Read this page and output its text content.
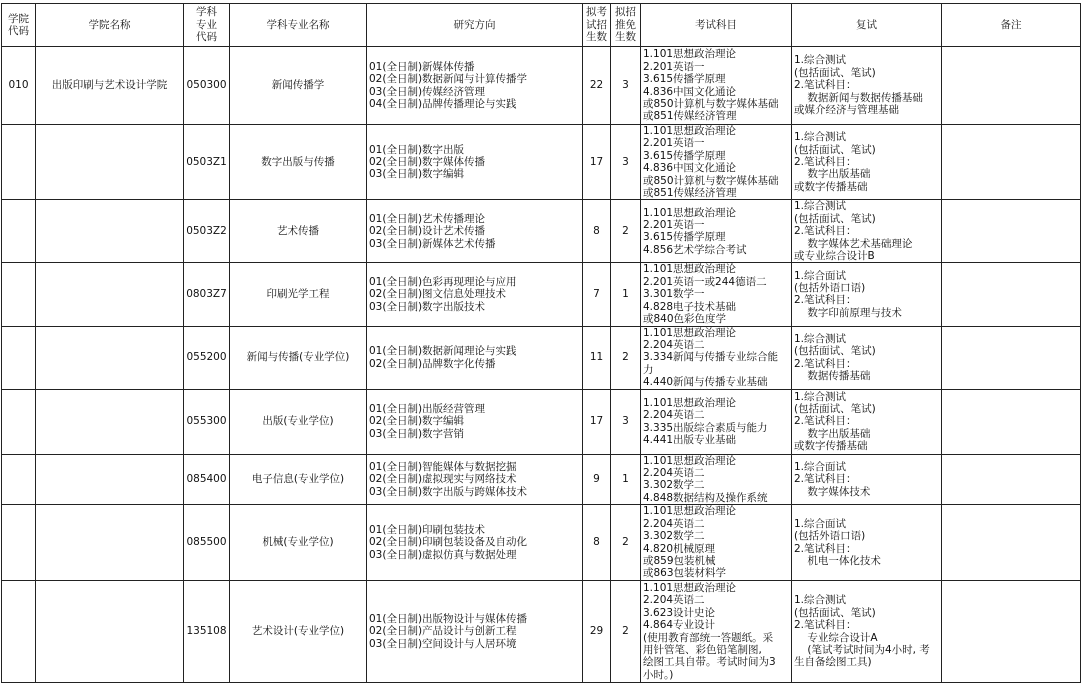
学院
代码	学院名称	学科
专业
代码	学科专业名称	研究方向	拟考
试招
生数	拟招
推免
生数	考试科目	复试	备注
010	出版印刷与艺术设计学院	050300	新闻传播学	01(全日制)新媒体传播
02(全日制)数据新闻与计算传播学
03(全日制)传媒经济管理
04(全日制)品牌传播理论与实践	22	3	1.101思想政治理论
2.201英语一
3.615传播学原理
4.836中国文化通论
或850计算机与数字媒体基础
或851传媒经济管理	1.综合测试
(包括面试、笔试)
2.笔试科目：
数据新闻与数据传播基础
或媒介经济与管理基础	
		0503Z1	数字出版与传播	01(全日制)数字出版
02(全日制)数字媒体传播
03(全日制)数字编辑	17	3	1.101思想政治理论
2.201英语一
3.615传播学原理
4.836中国文化通论
或850计算机与数字媒体基础
或851传媒经济管理	1.综合测试
(包括面试、笔试)
2.笔试科目：
数字出版基础
或数字传播基础	
		0503Z2	艺术传播	01(全日制)艺术传播理论
02(全日制)设计艺术传播
03(全日制)新媒体艺术传播	8	2	1.101思想政治理论
2.201英语一
3.615传播学原理
4.856艺术学综合考试	1.综合测试
(包括面试、笔试)
2.笔试科目：
数字媒体艺术基础理论
或专业综合设计B	
		0803Z7	印刷光学工程	01(全日制)色彩再现理论与应用
02(全日制)图文信息处理技术
03(全日制)数字出版技术	7	1	1.101思想政治理论
2.201英语一或244德语二
3.301数学一
4.828电子技术基础
或840色彩色度学	1.综合面试
(包括外语口语)
2.笔试科目：
数字印前原理与技术	
		055200	新闻与传播(专业学位)	01(全日制)数据新闻理论与实践
02(全日制)品牌数字化传播	11	2	1.101思想政治理论
2.204英语二
3.334新闻与传播专业综合能
力
4.440新闻与传播专业基础	1.综合测试
(包括面试、笔试)
2.笔试科目：
数据传播基础	
		055300	出版(专业学位)	01(全日制)出版经营管理
02(全日制)数字编辑
03(全日制)数字营销	17	3	1.101思想政治理论
2.204英语二
3.335出版综合素质与能力
4.441出版专业基础	1.综合测试
(包括面试、笔试)
2.笔试科目：
数字出版基础
或数字传播基础	
		085400	电子信息(专业学位)	01(全日制)智能媒体与数据挖掘
02(全日制)虚拟现实与网络技术
03(全日制)数字出版与跨媒体技术	9	1	1.101思想政治理论
2.204英语二
3.302数学二
4.848数据结构及操作系统	1.综合面试
2.笔试科目：
数字媒体技术	
		085500	机械(专业学位)	01(全日制)印刷包装技术
02(全日制)印刷包装设备及自动化
03(全日制)虚拟仿真与数据处理	8	2	1.101思想政治理论
2.204英语二
3.302数学二
4.820机械原理
或859包装机械
或863包装材料学	1.综合面试
(包括外语口语)
2.笔试科目：
机电一体化技术	
		135108	艺术设计(专业学位)	01(全日制)出版物设计与媒体传播
02(全日制)产品设计与创新工程
03(全日制)空间设计与人居环境	29	2	1.101思想政治理论
2.204英语二
3.623设计史论
4.864专业设计
(使用教育部统一答题纸。采
用针管笔、彩色铅笔制图,
绘图工具自带。考试时间为3
小时。)	1.综合测试
(包括面试、笔试)
2.笔试科目：
专业综合设计A
(笔试考试时间为4小时, 考
生自备绘图工具)	
